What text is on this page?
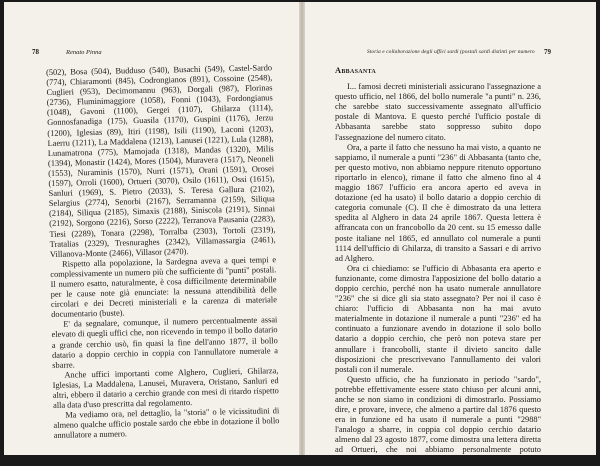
78	Renato Pinna

(502), Bosa (504), Budduso (540), Busachi (549), Castel-Sardo (774), Chiaramonti (845), Codrongianos (891), Cossoine (2548), Cuglieri (953), Decimomannu (963), Dorgali (987), Florinas (2736), Fluminimaggiore (1058), Fonni (1043), Fordongianus (1048), Gavoni (1100), Gergei (1107), Ghilarza (1114), Gonnosfanadiga (175), Guasila (1170), Guspini (1176), Jerzu (1200), Iglesias (89), Itiri (1198), Isili (1190), Laconi (1203), Laerru (1211), La Maddalena (1213), Lanusei (1221), Lula (1288), Lunamatrona (775), Mamojada (1318), Mandas (1320), Milis (1394), Monastir (1424), Mores (1504), Muravera (1517), Neoneli (1553), Nuraminis (1570), Nurri (1571), Orani (1591), Orosei (1597), Orroli (1600), Ortueri (3070), Osilo (1611), Ossi (1615), Sanluri (1969), S. Pietro (2033), S. Teresa Gallura (2102), Selargius (2774), Senorbi (2167), Serramanna (2159), Siliqua (2184), Siliqua (2185), Simaxis (2188), Siniscola (2191), Sinnai (2192), Sorgono (2216), Sorso (2222), Terranova Pausania (2283), Tiesi (2289), Tonara (2298), Torralba (2303), Tortoli (2319), Tratalias (2329), Tresnuraghes (2342), Villamassargia (2461), Villanova-Monte (2466), Villasor (2470).

Rispetto alla popolazione, la Sardegna aveva a quei tempi e complessivamente un numero più che sufficiente di "punti" postali. Il numero esatto, naturalmente, è cosa difficilmente determinabile per le cause note già enunciate: la nessuna attendibilità delle circolari e dei Decreti ministeriali e la carenza di materiale documentario (buste).

E' da segnalare, comunque, il numero percentualmente assai elevato di quegli uffici che, non ricevendo in tempo il bollo datario a grande cerchio usò, fin quasi la fine dell'anno 1877, il bollo datario a doppio cerchio in coppia con l'annullatore numerale a sbarre.

Anche uffici importanti come Alghero, Cuglieri, Ghilarza, Iglesias, La Maddalena, Lanusei, Muravera, Oristano, Sanluri ed altri, ebbero il datario a cerchio grande con mesi di ritardo rispetto alla data d'uso prescritta dal regolamento.

Ma vediamo ora, nel dettaglio, la "storia" o le vicissitudini di almeno qualche ufficio postale sardo che ebbe in dotazione il bollo annullatore a numero.

Storia e collaborazione degli uffici sardi (postali sardi distinti per numero 79

Abbasanta

I... famosi decreti ministeriali assicurano l'assegnazione a questo ufficio, nel 1866, del bollo numerale "a punti" n. 236, che sarebbe stato successivamente assegnato all'ufficio postale di Mantova. E questo perché l'ufficio postale di Abbasanta sarebbe stato soppresso subito dopo l'assegnazione del numero citato.

Ora, a parte il fatto che nessuno ha mai visto, a quanto ne sappiamo, il numerale a punti "236" di Abbasanta (tanto che, per questo motivo, non abbiamo neppure ritenuto opportuno riportarlo in elenco), rimane il fatto che almeno fino al 4 maggio 1867 l'ufficio era ancora aperto ed aveva in dotazione (ed ha usato) il bollo datario a doppio cerchio di categoria comunale (C). Il che è dimostrato da una lettera spedita al Alghero in data 24 aprile 1867. Questa lettera è affrancata con un francobollo da 20 cent. su 15 emesso dalle poste italiane nel 1865, ed annullato col numerale a punti 1114 dell'ufficio di Ghilarza, di transito a Sassari e di arrivo ad Alghero.

Ora ci chiediamo: se l'ufficio di Abbasanta era aperto e funzionante, come dimostra l'apposizione del bollo datario a doppio cerchio, perché non ha usato numerale annullatore "236" che si dice gli sia stato assegnato? Per noi il caso è chiaro: l'ufficio di Abbasanta non ha mai avuto materialmente in dotazione il numerale a punti "236" ed ha continuato a funzionare avendo in dotazione il solo bollo datario a doppio cerchio, che però non poteva stare per annullare i francobolli, stante il divieto sancito dalle disposizioni che prescrivevano l'annullamento dei valori postali con il numerale.

Questo ufficio, che ha funzionato in periodo "sardo", potrebbe effettivamente essere stato chiuso per alcuni anni, anche se non siamo in condizioni di dimostrarlo. Possiamo dire, e provare, invece, che almeno a partire dal 1876 questo era in funzione ed ha usato il numerale a punti "2988" l'analogo a sbarre, in coppia col doppio cerchio datario almeno dal 23 agosto 1877, come dimostra una lettera diretta ad Ortueri, che noi abbiamo personalmente potuto esaminare.
